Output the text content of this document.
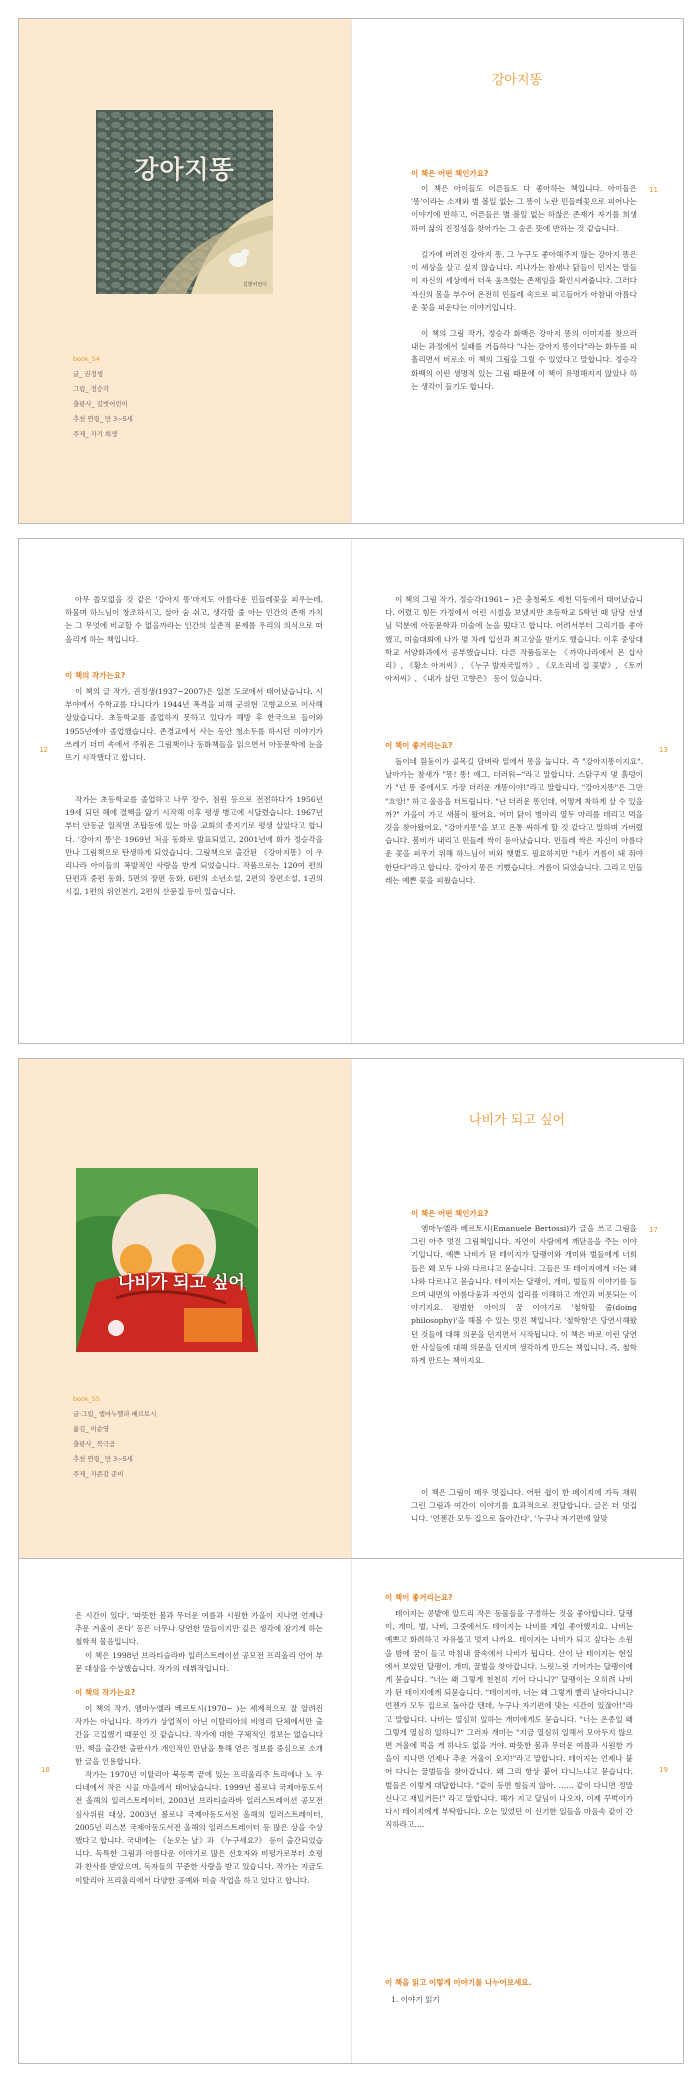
강아지똥
길벗어린이
book_54
글_ 권정생
그림_ 정승각
출판사_ 길벗어린이
추천 연령_ 만 3~5세
주제_ 자기 희생
강아지똥
이 책은 어떤 책인가요?
11

이 책은 아이들도 어른들도 다 좋아하는 책입니다. 아이들은 '똥'이라는 소재와 별 볼일 없는 그 똥이 노란 민들레꽃으로 피어나는 이야기에 반하고, 어른들은 별 볼일 없는 하찮은 존재가 자기를 희생하여 삶의 진정성을 찾아가는 그 숭은 뜻에 반하는 것 같습니다.

길가에 버려진 강아지 똥, 그 누구도 좋아해주지 않는 강아지 똥은 이 세상을 살고 싶지 않습니다. 지나가는 참새나 닭들이 던지는 말들이 자신의 세상에서 더욱 움츠렸는 존재임을 확인시켜줍니다. 그러다 자신의 몸을 부수어 온전히 민들레 속으로 피고들어가 아참내 아름다운 꽃을 피운다는 이야기입니다.

이 책의 그림 작가, 정승각 화백은 강아지 똥의 이미지를 찾으러 내는 과정에서 실패를 거듭하다 "나는 강아지 똥이다"라는 화두를 피흘리면서 비로소 이 책의 그림을 그릴 수 있었다고 말합니다. 정승각 화백의 이런 생명적 있는 그림 때문에 이 책이 유명해지지 않았나 하는 생각이 들기도 합니다.

아무 쓸모없을 것 같은 '강아지 똥'마저도 아름다운 민들레꽃을 피우는데, 하물며 하느님이 창조하시고, 살아 숨 쉬고, 생각할 줄 아는 인간의 존재 가치는 그 무엇에 비교할 수 없을까라는 인간의 실존적 문제를 우리의 의식으로 떠올리게 하는 책입니다.

이 책의 작가는요?
12

이 책의 글 작가, 권정생(1937~2007)은 일본 도쿄에서 태어났습니다. 시부야에서 수학교를 다니다가 1944년 폭격을 피해 군위현 고향교으로 이사해 살았습니다. 초등학교를 졸업하지 못하고 있다가 해방 후 한국으로 들어와 1955년에야 졸업했습니다. 존경교에서 사는 동안 청소두를 하시던 이야기가 쓰레기 더미 속에서 주워온 그림책이나 동화책들을 읽으면서 아동문학에 눈을 뜨기 시작했다고 합니다.

작가는 초등학교를 졸업하고 나무 장수, 점원 등으로 전전하다가 1956년 19세 되던 해에 결핵을 앓기 시작해 이후 평생 병고에 시달렸습니다. 1967년부터 안동군 일직면 조탑동에 있는 마을 교회의 종지기로 평생 살았다고 합니다. '강아지 똥'은 1969년 처음 동화로 발표되었고, 2001년에 화가 정승각을 만나 그림책으로 탄생하게 되었습니다. 그림책으로 출간된 《강아지똥》이 우리나라 아이들의 폭발적인 사랑을 받게 되었습니다. 작품으로는 120여 편의 단편과 중편 동화, 5편의 장편 동화, 6편의 소년소설, 2편의 장편소설, 1권의 시집, 1편의 위인전기, 2편의 산문집 등이 있습니다.

이 책의 그림 작가, 정승각(1961~ )은 충청북도 제천 덕동에서 태어났습니다. 어렸고 힘든 가정에서 어린 시절을 보냈지만 초등학교 5학년 때 담당 선생님 덕분에 아동문학과 미술에 눈을 떴다고 합니다. 어려서부터 그리기를 좋아했고, 미술대회에 나가 몇 차례 입선과 최고상을 받기도 했습니다. 이후 중앙대학교 서양화과에서 공부했습니다. 다른 작품들로는 《까막나라에서 온 삽사리》, 《황소 아저씨》, 《누구 발자국일까》, 《오소리네 집 꽃밭》, 《토끼 아저씨》, 《내가 살던 고향은》 등이 있습니다.

이 책이 좋거리는요?	13

돌이네 흰둥이가 골목길 담벼락 밑에서 똥을 눕니다. 즉 "강아지똥이지요". 날아가는 참새가 "똥! 똥! 에그, 더러워~"라고 말합니다. 스닭구지 몇 흙덩이가 "넌 똥 중에서도 가장 더러운 개똥이야!"라고 말합니다. "강아지똥"은 그만 "흐앙!" 하고 울음을 터트립니다. "난 더러운 똥인데, 어떻게 착하게 살 수 있을까?" 가을이 가고 새봄이 왔어요. 어미 닭이 병아리 열두 마리를 데리고 먹을 것을 찾아왔어요. "강아지똥"을 보고 온통 싸하게 할 것 같다고 말하며 가버렸습니다. 봄비가 내리고 민들레 싹이 돋아났습니다. 민들레 싹은 자신이 아름다운 꽃을 피우기 위해 하느님이 비와 햇볕도 필요하지만 "네가 거름이 돼 줘야 한단다"라고 합니다. 강아지 똥은 기뻤습니다. 거름이 되었습니다. 그리고 민들레는 예쁜 꽃을 피웠습니다.

나비가 되고 싶어
book_55
글·그림_ 엠마누엘라 베르토시
옮김_ 이순영
출판사_ 북극곰
추천 연령_ 만 3~5세
주제_ 자존감 준비
나비가 되고 싶어
이 책은 어떤 책인가요?
17

엠마누엘라 베르토시(Emanuele Bertossi)가 글을 쓰고 그림을 그린 아주 멋진 그림책입니다. 자연이 사람에게 깨닫음을 주는 이야기입니다. 예쁜 나비가 된 테이지가 달팽이와 개미와 벌들에게 너희들은 왜 모두 나와 다르냐고 묻습니다. 그들은 또 테이지에게 너는 왜 나와 다르냐고 묻습니다. 테이지는 달팽이, 개미, 벌들의 이야기를 들으며 내면의 아름다움과 자연의 섭리를 이해하고 개인과 비롯되는 이야기지요. 평범한 아이의 꿈 이야기로 '철학할 줄(doing philosophy)'을 해볼 수 있는 멋진 책입니다. '철학함'은 당연시해왔던 것들에 대해 의문을 던지면서 시작됩니다. 이 책은 바로 이런 당연한 사실들에 대해 의문을 던지며 생각하게 만드는 책입니다. 즉, 철학 하게 만드는 책이지요.

이 책은 그림이 매우 멋집니다. 어떤 쉽이 한 페이지에 가득 채워 그린 그림과 여간이 이야기를 효과적으로 전달합니다. 글은 더 멋집니다. '언젠간 모두 집으로 돌아간다', '누구나 자기편에 알맞

은 시간이 있다', '따뜻한 봄과 무더운 여름과 시원한 가을이 지나면 언제나 추운 겨울이 온다' 등은 너무나 당연한 말들이지만 깊은 생각에 잠기게 하는 철학적 물음입니다.

이 책은 1998년 브라티슬라바 일러스트레이션 공모전 프리올리 언어 부문 대상을 수상했습니다. 작가의 데뷔작입니다.

이 책의 작가는요?
18

이 책의 작가, 엠마누엘라 베르토시(1970~ )는 세계적으로 잘 알려진 작가는 아닙니다. 작가가 상업적이 아닌 이탈리아의 비영리 단체에서만 출간을 고집했기 때문인 것 같습니다. 작가에 대한 구체적인 정보는 없습니다만, 책을 출간한 출판사가 개인적인 만남을 통해 얻은 정보를 중심으로 소개한 글을 인용합니다.

작가는 1970년 이탈리아 북동쪽 끝에 있는 프리울리주 트리에나 노 우디네에서 작은 시골 마을에서 태어났습니다. 1999년 볼로냐 국제아동도서전 올해의 일러스트레이터, 2003년 브라티슬라바 일러스트레이션 공모전 심사위원 대상, 2003년 볼로냐 국제아동도서전 올해의 일러스트레이터, 2005년 리스본 국제아동도서전 올해의 일러스트레이터 등 많은 상을 수상했다고 합니다. 국내에는 《눈오는 날》과 《누구세요?》 등이 출간되었습니다. 독특한 그림과 아름다운 이야기로 많은 선호자와 비평가로부터 호평과 찬사를 받았으며, 독자들의 꾸준한 사랑을 받고 있습니다. 작가는 지금도 이탈리아 프리울리에서 다양한 공예와 미술 작업을 하고 있다고 합니다.

이 책이 좋거리는요?
19

테이지는 콩밭에 알드리 작은 동물들을 구경하는 것을 좋아합니다. 달팽이, 개미, 벌, 나비, 그중에서도 테이지는 나비를 제일 좋아했지요. 나비는 예쁘고 화려하고 자유롭고 멋져 나까요. 테이지는 나비가 되고 싶다는 소원을 밤에 꿈이 들고 마침내 꿈속에서 나비가 됩니다. 산이 난 테이지는 현실에서 보았던 달팽이, 개미, 꿀벌을 찾아갑니다. 느릿느릿 기어가는 달팽이에게 묻습니다. "너는 왜 그렇게 천천히 기어 다니니?" 달팽이는 오히려 나비가 된 테이지에게 되묻습니다. "테이지야, 너는 왜 그렇게 빨리 날아다니니? 언젠가 모두 집으로 돌아갈 텐데, 누구나 자기편에 맞는 시간이 있잖아!"라고 말합니다. 나비는 열심히 일하는 개미에게도 묻습니다. "너는 온종일 왜 그렇게 열심히 일하니?" 그러자 개미는 "지금 열심히 일해서 모아두지 않으면 겨울에 먹을 게 하나도 없을 거야. 따뜻한 봄과 무더운 여름과 시원한 가을이 지나면 언제나 추운 겨울이 오지!"라고 말합니다. 테이지는 언제나 붙어 다니는 꿀벌들을 찾아갑니다. 왜 그리 항상 붙어 다니느냐고 묻습니다. 벌들은 이렇게 대답합니다. "같이 등면 힘들지 않아. …… 같이 다니면 정말 신나고 재밌거든!" 라고 말합니다. 해가 지고 달님이 나오자, 이제 꾸벅이가 다시 테이지에게 부탁합니다. 오는 있었던 이 신기한 일들을 마음속 같이 간직하라고….

이 책을 읽고 이렇게 이야기를 나누어보세요.
1. 이야기 읽기
